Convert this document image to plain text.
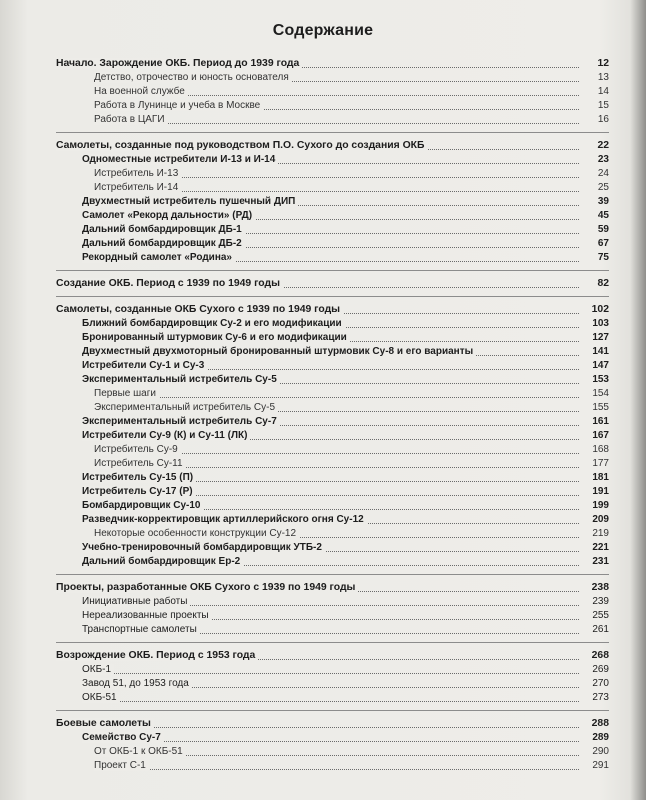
Содержание
Начало. Зарождение ОКБ. Период до 1939 года	12
Детство, отрочество и юность основателя	13
На военной службе	14
Работа в Лунинце и учеба в Москве	15
Работа в ЦАГИ	16
Самолеты, созданные под руководством П.О. Сухого до создания ОКБ	22
Одноместные истребители И-13 и И-14	23
Истребитель И-13	24
Истребитель И-14	25
Двухместный истребитель пушечный ДИП	39
Самолет «Рекорд дальности» (РД)	45
Дальний бомбардировщик ДБ-1	59
Дальний бомбардировщик ДБ-2	67
Рекордный самолет «Родина»	75
Создание ОКБ. Период с 1939 по 1949 годы	82
Самолеты, созданные ОКБ Сухого с 1939 по 1949 годы	102
Ближний бомбардировщик Су-2 и его модификации	103
Бронированный штурмовик Су-6 и его модификации	127
Двухместный двухмоторный бронированный штурмовик Су-8 и его варианты	141
Истребители Су-1 и Су-3	147
Экспериментальный истребитель Су-5	153
Первые шаги	154
Экспериментальный истребитель Су-5	155
Экспериментальный истребитель Су-7	161
Истребители Су-9 (К) и Су-11 (ЛК)	167
Истребитель Су-9	168
Истребитель Су-11	177
Истребитель Су-15 (П)	181
Истребитель Су-17 (Р)	191
Бомбардировщик Су-10	199
Разведчик-корректировщик артиллерийского огня Су-12	209
Некоторые особенности конструкции Су-12	219
Учебно-тренировочный бомбардировщик УТБ-2	221
Дальний бомбардировщик Ер-2	231
Проекты, разработанные ОКБ Сухого с 1939 по 1949 годы	238
Инициативные работы	239
Нереализованные проекты	255
Транспортные самолеты	261
Возрождение ОКБ. Период с 1953 года	268
ОКБ-1	269
Завод 51, до 1953 года	270
ОКБ-51	273
Боевые самолеты	288
Семейство Су-7	289
От ОКБ-1 к ОКБ-51	290
Проект С-1	291
